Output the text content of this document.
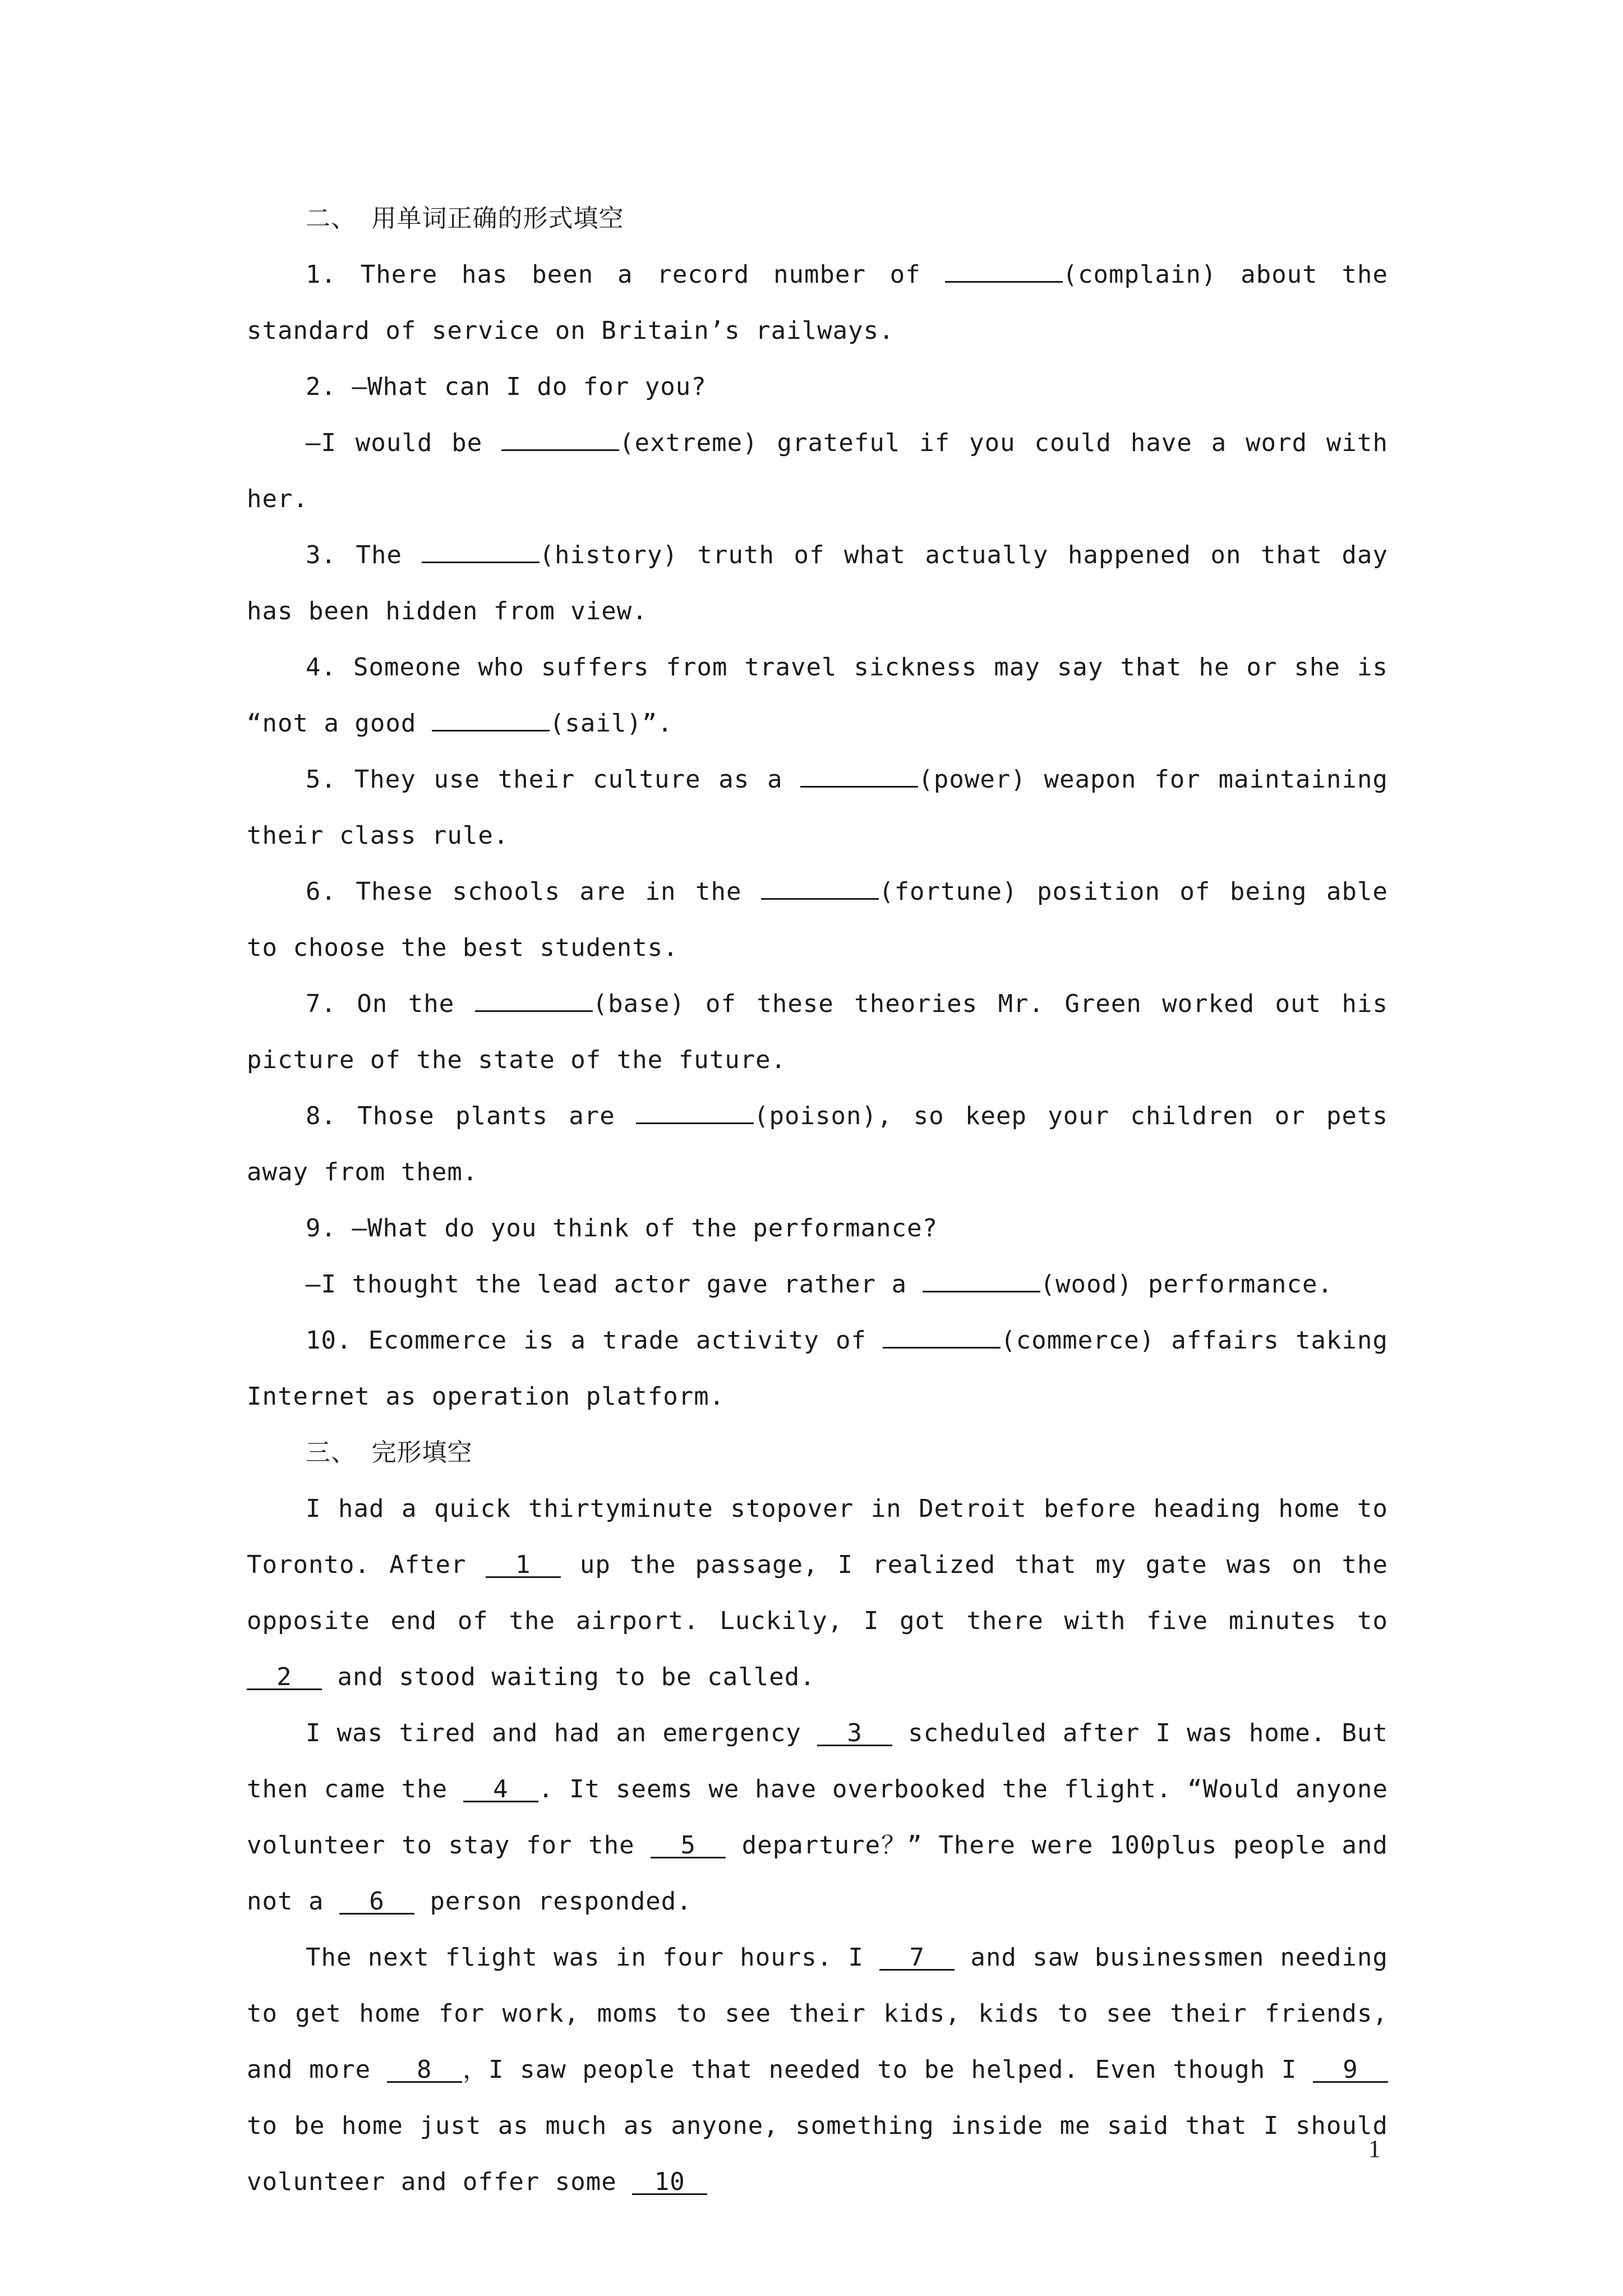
二、 用单词正确的形式填空

1. There has been a record number of	(complain) about the standard of service on Britain’s railways.

2. —What can I do for you?

—I would be	(extreme) grateful if you could have a word with her.

3. The	(history) truth of what actually happened on that day has been hidden from view.

4. Someone who suffers from travel sickness may say that he or she is “not a good	(sail)”.

5. They use their culture as a	(power) weapon for maintaining their class rule.

6. These schools are in the	(fortune) position of being able to choose the best students.

7. On the	(base) of these theories Mr. Green worked out his picture of the state of the future.

8. Those plants are	(poison), so keep your children or pets away from them.

9. —What do you think of the performance?

—I thought the lead actor gave rather a	(wood) performance.

10. Ecommerce is a trade activity of	(commerce) affairs taking Internet as operation platform.

三、 完形填空

I had a quick thirtyminute stopover in Detroit before heading home to Toronto. After 1 up the passage, I realized that my gate was on the opposite end of the airport. Luckily, I got there with five minutes to 2 and stood waiting to be called.

I was tired and had an emergency 3 scheduled after I was home. But then came the 4 . It seems we have overbooked the flight. “Would anyone volunteer to stay for the 5 departure？” There were 100plus people and not a 6 person responded.

The next flight was in four hours. I 7 and saw businessmen needing to get home for work, moms to see their kids, kids to see their friends, and more 8 ，I saw people that needed to be helped. Even though I 9 to be home just as much as anyone, something inside me said that I should volunteer and offer some 10

1
